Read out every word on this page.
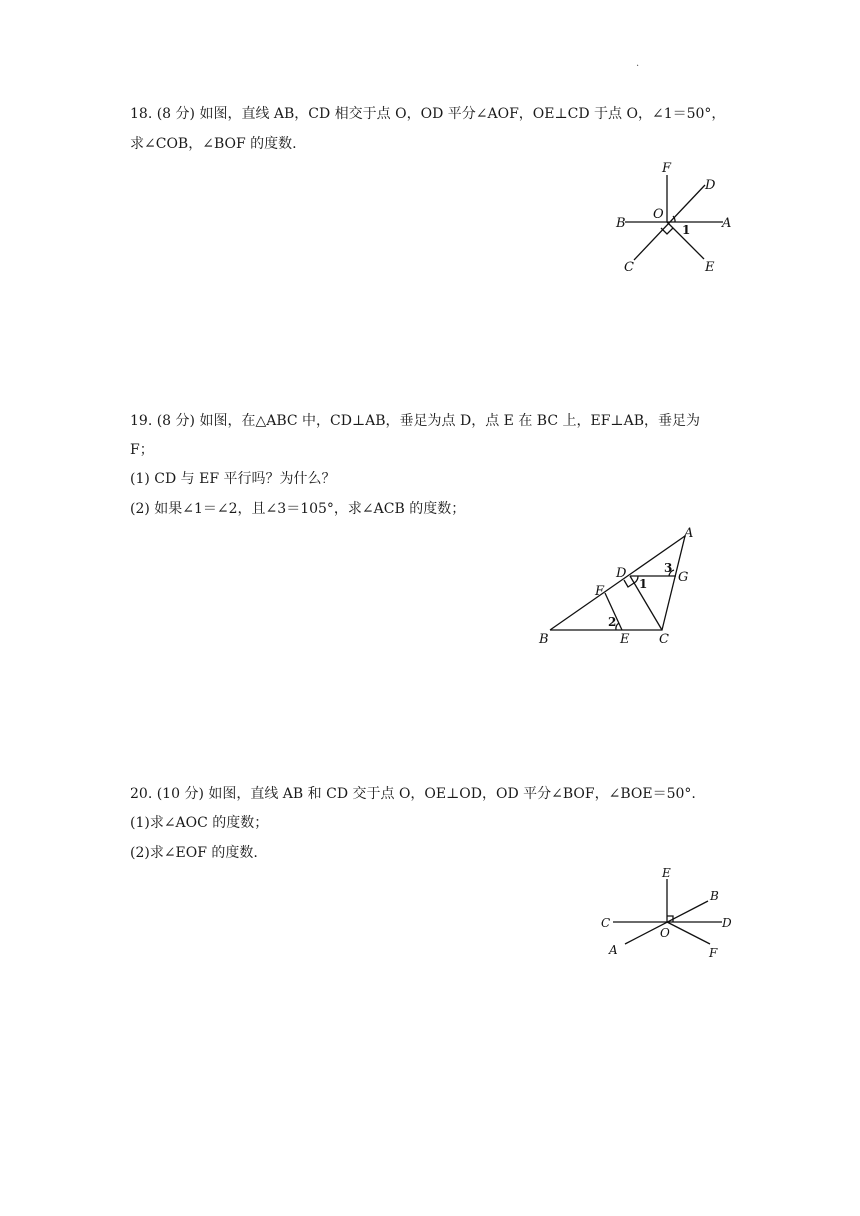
.
18. (8 分) 如图，直线 AB，CD 相交于点 O，OD 平分∠AOF，OE⊥CD 于点 O，∠1＝50°，
求∠COB，∠BOF 的度数.
F
D
B
O
A
C	E
1
19. (8 分) 如图，在△ABC 中，CD⊥AB，垂足为点 D，点 E 在 BC 上，EF⊥AB，垂足为
F；
(1) CD 与 EF 平行吗？为什么？
(2) 如果∠1＝∠2，且∠3＝105°，求∠ACB 的度数；
A
D	G
F
B	E C
1
2
3
20. (10 分) 如图，直线 AB 和 CD 交于点 O，OE⊥OD，OD 平分∠BOF，∠BOE＝50°.
(1)求∠AOC 的度数；
(2)求∠EOF 的度数.
E
B
C
O
D
A	F
